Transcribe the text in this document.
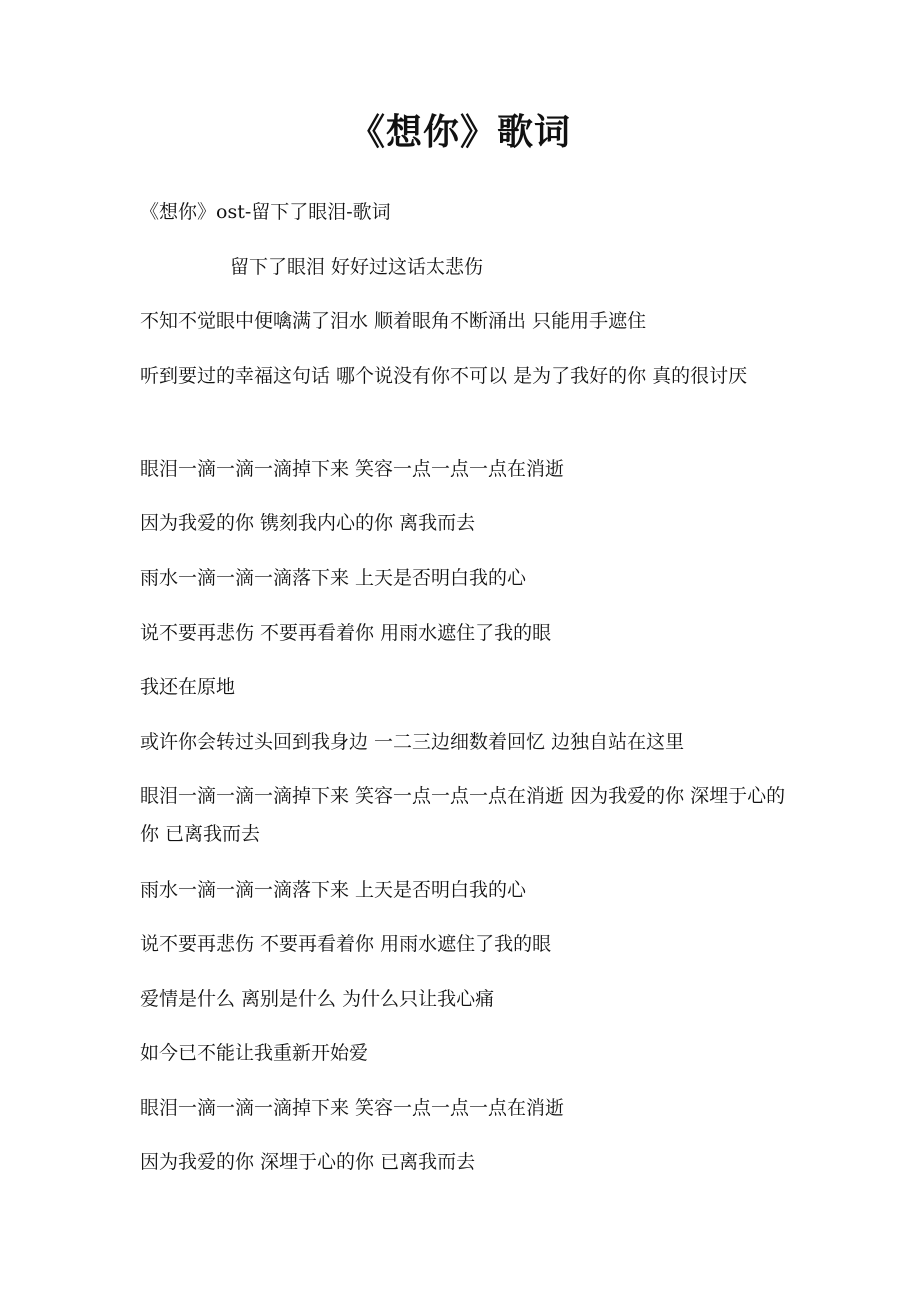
《想你》歌词
《想你》ost-留下了眼泪-歌词
留下了眼泪 好好过这话太悲伤
不知不觉眼中便噙满了泪水 顺着眼角不断涌出 只能用手遮住
听到要过的幸福这句话 哪个说没有你不可以 是为了我好的你 真的很讨厌
眼泪一滴一滴一滴掉下来 笑容一点一点一点在消逝
因为我爱的你 镌刻我内心的你 离我而去
雨水一滴一滴一滴落下来 上天是否明白我的心
说不要再悲伤 不要再看着你 用雨水遮住了我的眼
我还在原地
或许你会转过头回到我身边 一二三边细数着回忆 边独自站在这里
眼泪一滴一滴一滴掉下来 笑容一点一点一点在消逝 因为我爱的你 深埋于心的你 已离我而去
雨水一滴一滴一滴落下来 上天是否明白我的心
说不要再悲伤 不要再看着你 用雨水遮住了我的眼
爱情是什么 离别是什么 为什么只让我心痛
如今已不能让我重新开始爱
眼泪一滴一滴一滴掉下来 笑容一点一点一点在消逝
因为我爱的你 深埋于心的你 已离我而去
